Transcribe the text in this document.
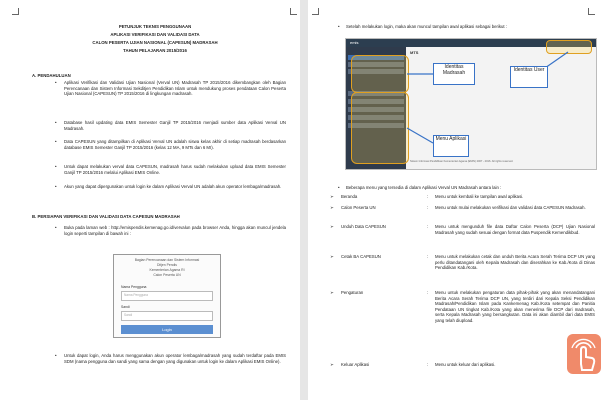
PETUNJUK TEKNIS PENGGUNAAN
APLIKASI VERIFIKASI DAN VALIDASI DATA
CALON PESERTA UJIAN NASIONAL (CAPESUN) MADRASAH
TAHUN PELAJARAN 2015/2016
A. PENDAHULUAN
• Aplikasi Verifikasi dan Validasi Ujian Nasional (Verval UN) Madrasah TP 2015/2016 dikembangkan oleh Bagian Perencanaan dan Sistem Informasi Sekditjen Pendidikan Islam untuk mendukung proses pendataan Calon Peserta Ujian Nasional (CAPESUN) TP 2015/2016 di lingkungan madrasah.
• Database hasil updating data EMIS Semester Ganjil TP 2015/2016 menjadi sumber data Aplikasi Verval UN Madrasah.
• Data CAPESUN yang ditampilkan di Aplikasi Verval UN adalah siswa kelas akhir di setiap madrasah berdasarkan database EMIS Semester Ganjil TP 2015/2016 (kelas 12 MA, 9 MTs dan 6 MI).
• Untuk dapat melakukan verval data CAPESUN, madrasah harus sudah melakukan upload data EMIS Semester Ganjil TP 2015/2016 melalui Aplikasi EMIS Online.
• Akun yang dapat dipergunakan untuk login ke dalam Aplikasi Verval UN adalah akun operator lembaga/madrasah.
B. PERSIAPAN VERIFIKASI DAN VALIDASI DATA CAPESUN MADRASAH
• Buka pada laman web : http://emispendis.kemenag.go.id/vervalun pada browser Anda, hingga akan muncul jendela login seperti tampilan di bawah ini :
Bagian Perencanaan dan Sistem Informasi
Ditjen Pendis
Kementerian Agama RI
Calon Peserta UN
Nama Pengguna
Nama Pengguna
Sandi
Sandi
Login
• Untuk dapat login, Anda harus menggunakan akun operator lembaga/madrasah yang sudah terdaftar pada EMIS SDM (nama pengguna dan sandi yang sama dengan yang digunakan untuk login ke dalam Aplikasi EMIS Online).
• Setelah melakukan login, maka akan muncul tampilan awal aplikasi sebagai berikut :
emis
MTS
Sistem Informasi Pendidikan Kementerian Agama (EMIS) 2007 - 2016. All rights reserved.
Identitas Madrasah	Identitas User
Menu Aplikasi
• Beberapa menu yang tersedia di dalam Aplikasi Verval UN Madrasah antara lain :
➢ Beranda	: Menu untuk kembali ke tampilan awal aplikasi.
➢ Calon Peserta UN	: Menu untuk mulai melakukan verifikasi dan validasi data CAPESUN Madrasah.
➢ Unduh Data CAPESUN	: Menu untuk mengunduh file data Daftar Calon Peserta (DCP) Ujian Nasional Madrasah yang sudah sesuai dengan format data Puspendik Kemendikbud.
➢ Cetak BA CAPESUN	: Menu untuk melakukan cetak dan unduh Berita Acara Serah Terima DCP UN yang perlu ditandatangani oleh Kepala Madrasah dan diserahkan ke Kab./Kota di Dinas Pendidikan Kab./Kota.
➢ Pengaturan	: Menu untuk melakukan pengaturan data pihak-pihak yang akan menandatangani Berita Acara Serah Terima DCP UN, yang terdiri dari Kepala Seksi Pendidikan Madrasah/Pendidikan Islam pada Kankemenag Kab./Kota setempat dan Panitia Pendataan UN tingkat Kab./Kota yang akan menerima file DCP dari madrasah, serta Kepala Madrasah yang bersangkutan. Data ini akan diambil dari data EMIS yang telah diupload.
➢ Keluar Aplikasi	: Menu untuk keluar dari aplikasi.
